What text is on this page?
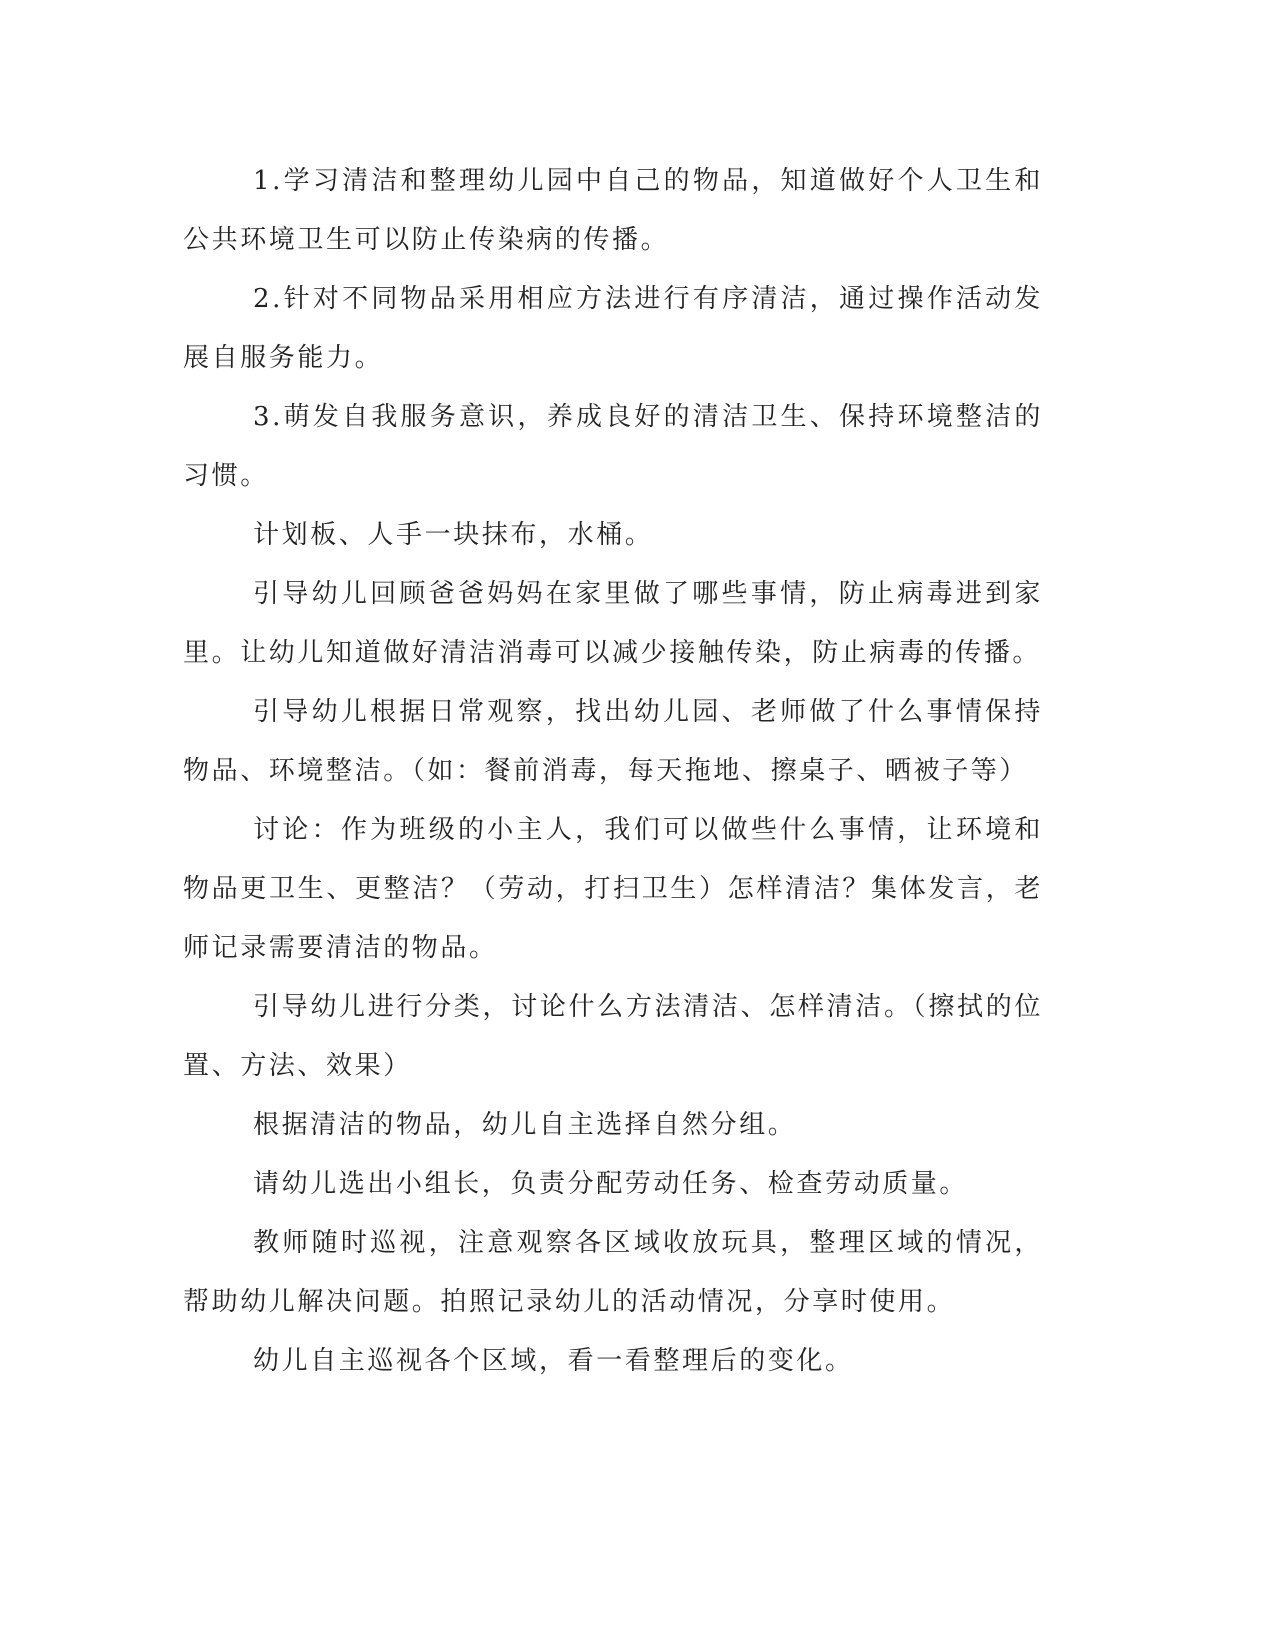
1.学习清洁和整理幼儿园中自己的物品，知道做好个人卫生和公共环境卫生可以防止传染病的传播。

2.针对不同物品采用相应方法进行有序清洁，通过操作活动发展自服务能力。

3.萌发自我服务意识，养成良好的清洁卫生、保持环境整洁的习惯。

计划板、人手一块抹布，水桶。

引导幼儿回顾爸爸妈妈在家里做了哪些事情，防止病毒进到家里。让幼儿知道做好清洁消毒可以减少接触传染，防止病毒的传播。

引导幼儿根据日常观察，找出幼儿园、老师做了什么事情保持物品、环境整洁。（如：餐前消毒，每天拖地、擦桌子、晒被子等）

讨论：作为班级的小主人，我们可以做些什么事情，让环境和物品更卫生、更整洁？（劳动，打扫卫生）怎样清洁？集体发言，老师记录需要清洁的物品。

引导幼儿进行分类，讨论什么方法清洁、怎样清洁。（擦拭的位置、方法、效果）

根据清洁的物品，幼儿自主选择自然分组。

请幼儿选出小组长，负责分配劳动任务、检查劳动质量。

教师随时巡视，注意观察各区域收放玩具，整理区域的情况，帮助幼儿解决问题。拍照记录幼儿的活动情况，分享时使用。

幼儿自主巡视各个区域，看一看整理后的变化。
